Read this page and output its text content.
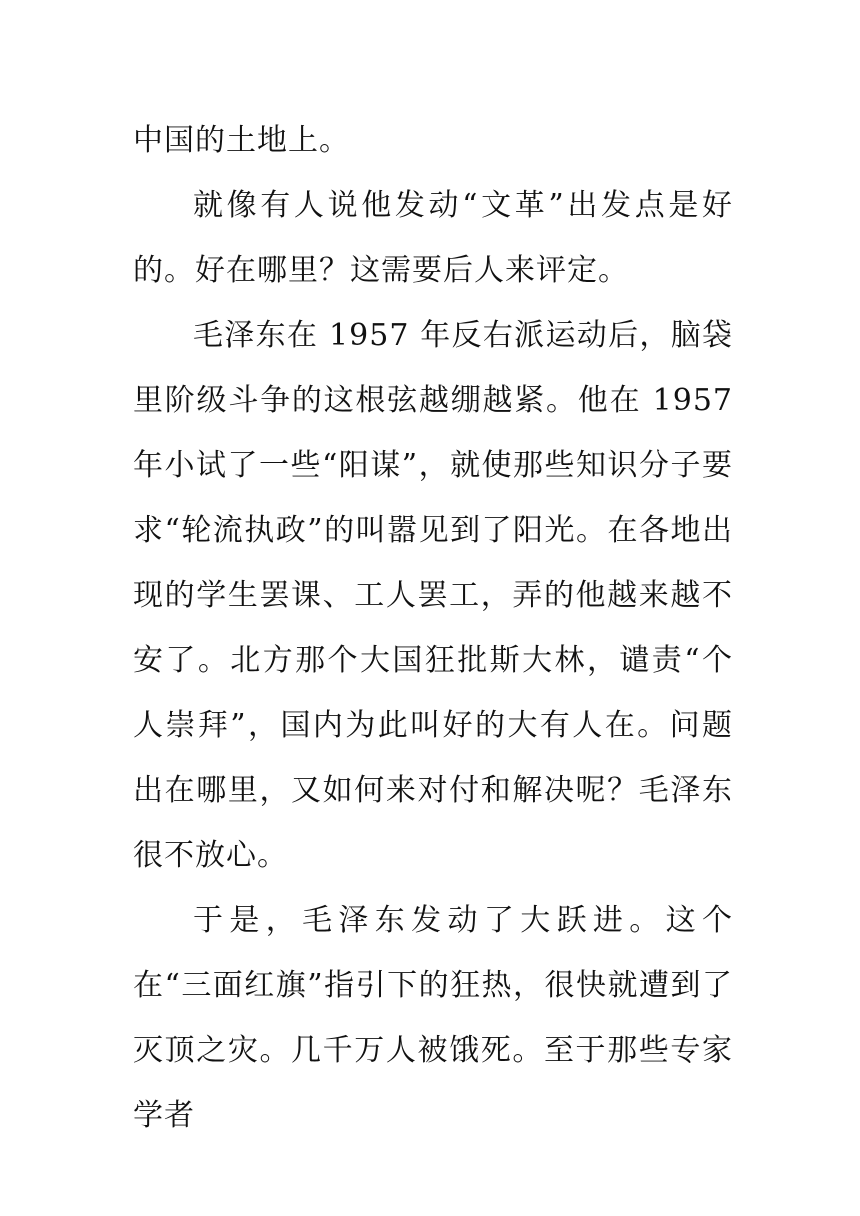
中国的土地上。

就像有人说他发动“文革”出发点是好的。好在哪里？这需要后人来评定。

毛泽东在 1957 年反右派运动后，脑袋里阶级斗争的这根弦越绷越紧。他在 1957 年小试了一些“阳谋”，就使那些知识分子要求“轮流执政”的叫嚣见到了阳光。在各地出现的学生罢课、工人罢工，弄的他越来越不安了。北方那个大国狂批斯大林，谴责“个人崇拜”，国内为此叫好的大有人在。问题出在哪里，又如何来对付和解决呢？毛泽东很不放心。

于是，毛泽东发动了大跃进。这个在“三面红旗”指引下的狂热，很快就遭到了灭顶之灾。几千万人被饿死。至于那些专家学者
